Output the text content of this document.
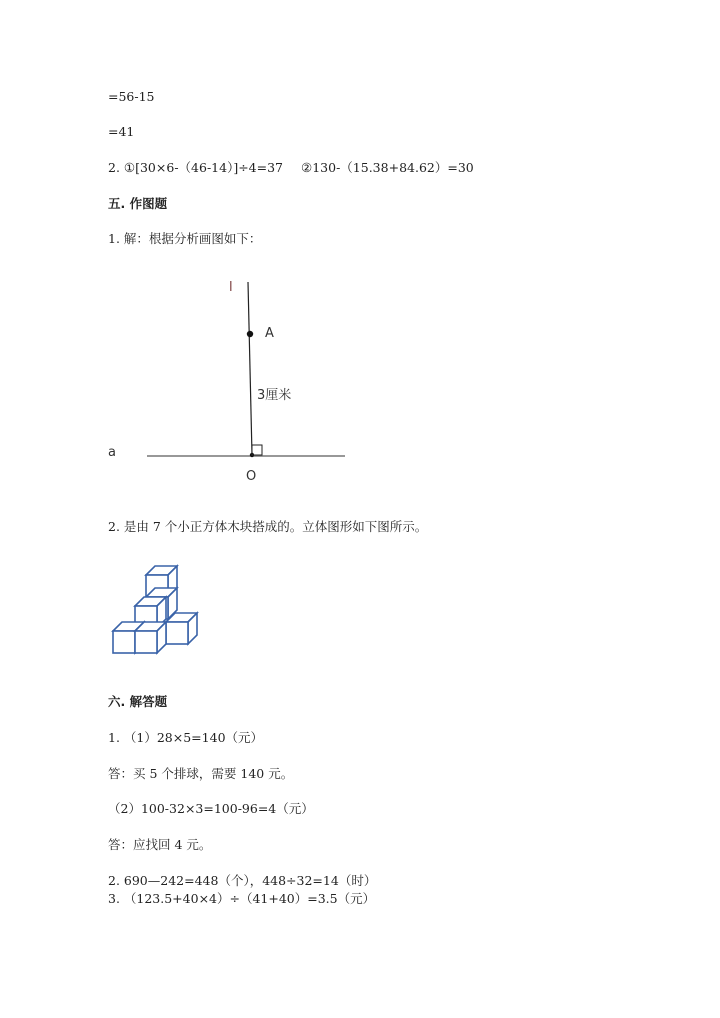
=56-15
=41
2. ①[30×6-（46-14）]÷4=37 ②130-（15.38+84.62）=30
五. 作图题
1. 解：根据分析画图如下：
l
A
3厘米
a
O
2. 是由 7 个小正方体木块搭成的。立体图形如下图所示。
六. 解答题
1. （1）28×5=140（元）
答：买 5 个排球，需要 140 元。
（2）100-32×3=100-96=4（元）
答：应找回 4 元。
2. 690—242=448（个），448÷32=14（时）
3. （123.5+40×4）÷（41+40）=3.5（元）
